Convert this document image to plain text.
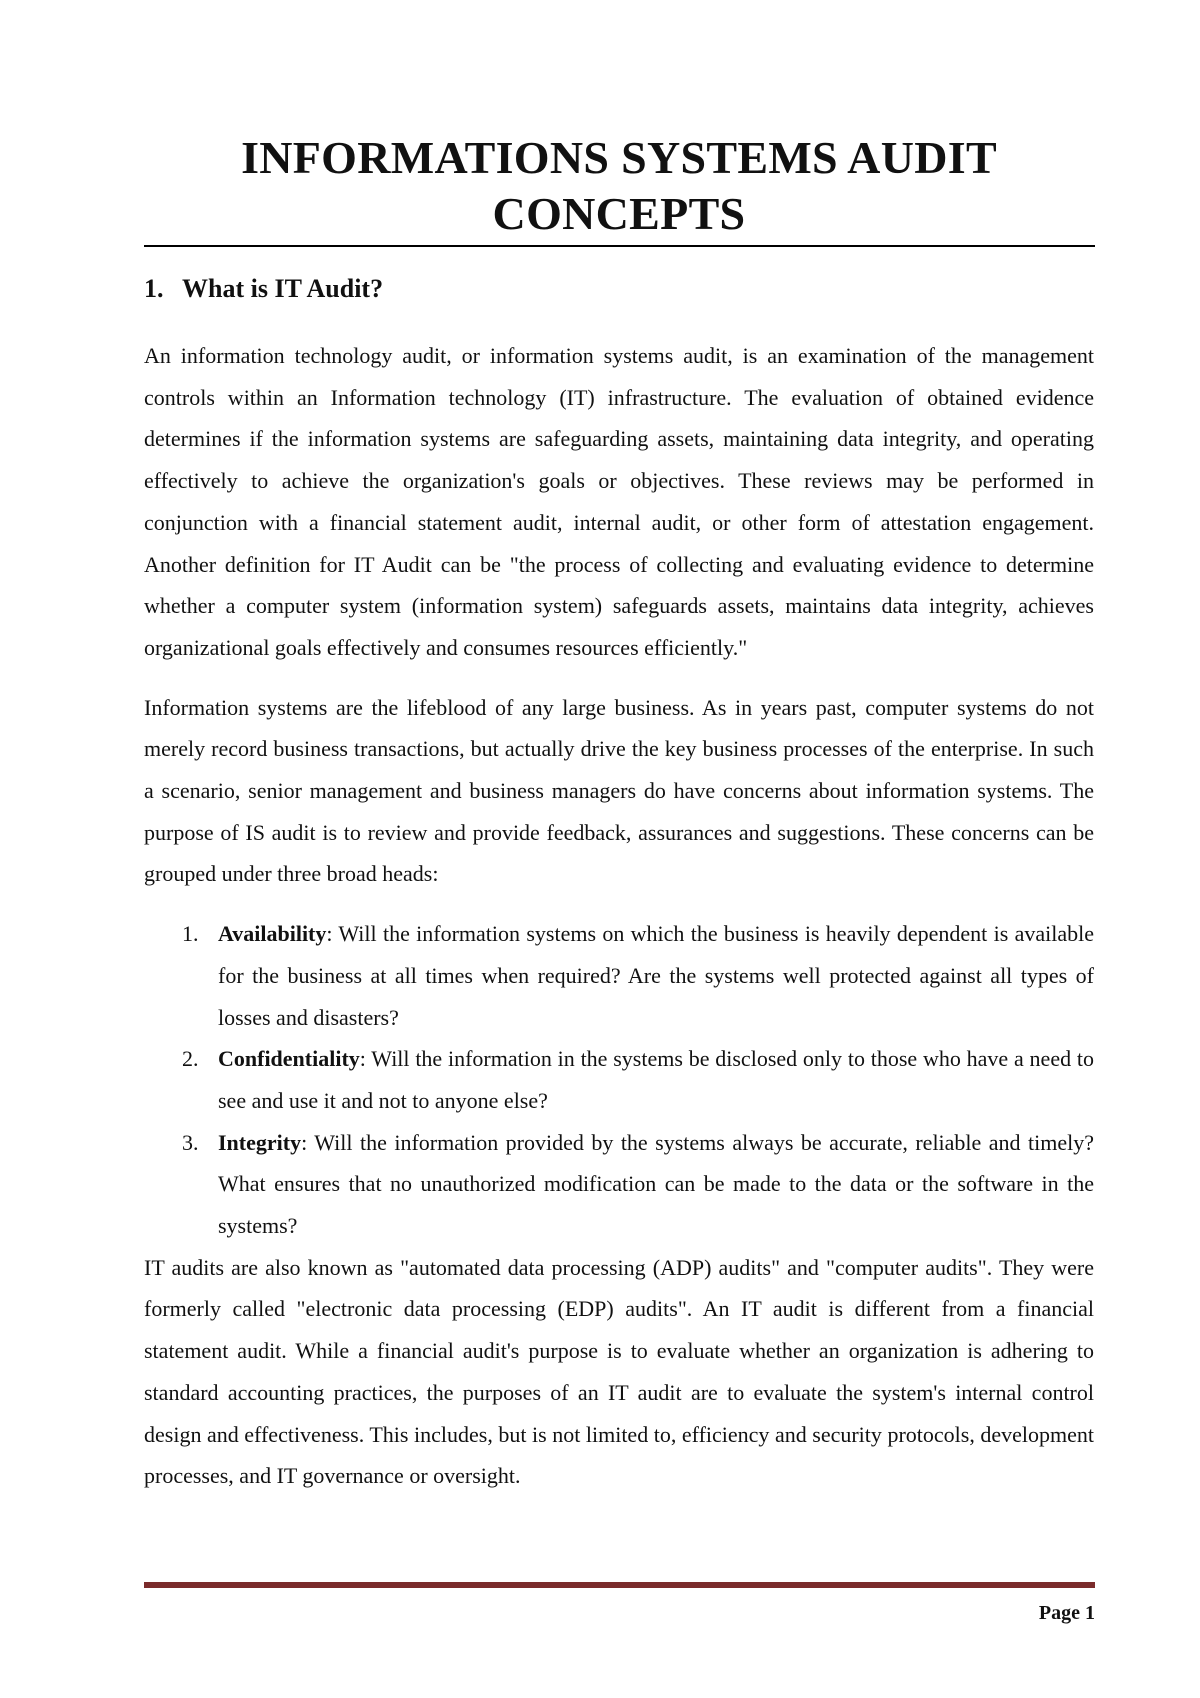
INFORMATIONS SYSTEMS AUDIT
CONCEPTS
1. What is IT Audit?

An information technology audit, or information systems audit, is an examination of the management controls within an Information technology (IT) infrastructure. The evaluation of obtained evidence determines if the information systems are safeguarding assets, maintaining data integrity, and operating effectively to achieve the organization's goals or objectives. These reviews may be performed in conjunction with a financial statement audit, internal audit, or other form of attestation engagement. Another definition for IT Audit can be "the process of collecting and evaluating evidence to determine whether a computer system (information system) safeguards assets, maintains data integrity, achieves organizational goals effectively and consumes resources efficiently."

Information systems are the lifeblood of any large business. As in years past, computer systems do not merely record business transactions, but actually drive the key business processes of the enterprise. In such a scenario, senior management and business managers do have concerns about information systems. The purpose of IS audit is to review and provide feedback, assurances and suggestions. These concerns can be grouped under three broad heads:

1. Availability: Will the information systems on which the business is heavily dependent is available for the business at all times when required? Are the systems well protected against all types of losses and disasters?
2. Confidentiality: Will the information in the systems be disclosed only to those who have a need to see and use it and not to anyone else?
3. Integrity: Will the information provided by the systems always be accurate, reliable and timely? What ensures that no unauthorized modification can be made to the data or the software in the systems?

IT audits are also known as "automated data processing (ADP) audits" and "computer audits". They were formerly called "electronic data processing (EDP) audits". An IT audit is different from a financial statement audit. While a financial audit's purpose is to evaluate whether an organization is adhering to standard accounting practices, the purposes of an IT audit are to evaluate the system's internal control design and effectiveness. This includes, but is not limited to, efficiency and security protocols, development processes, and IT governance or oversight.

Page 1
